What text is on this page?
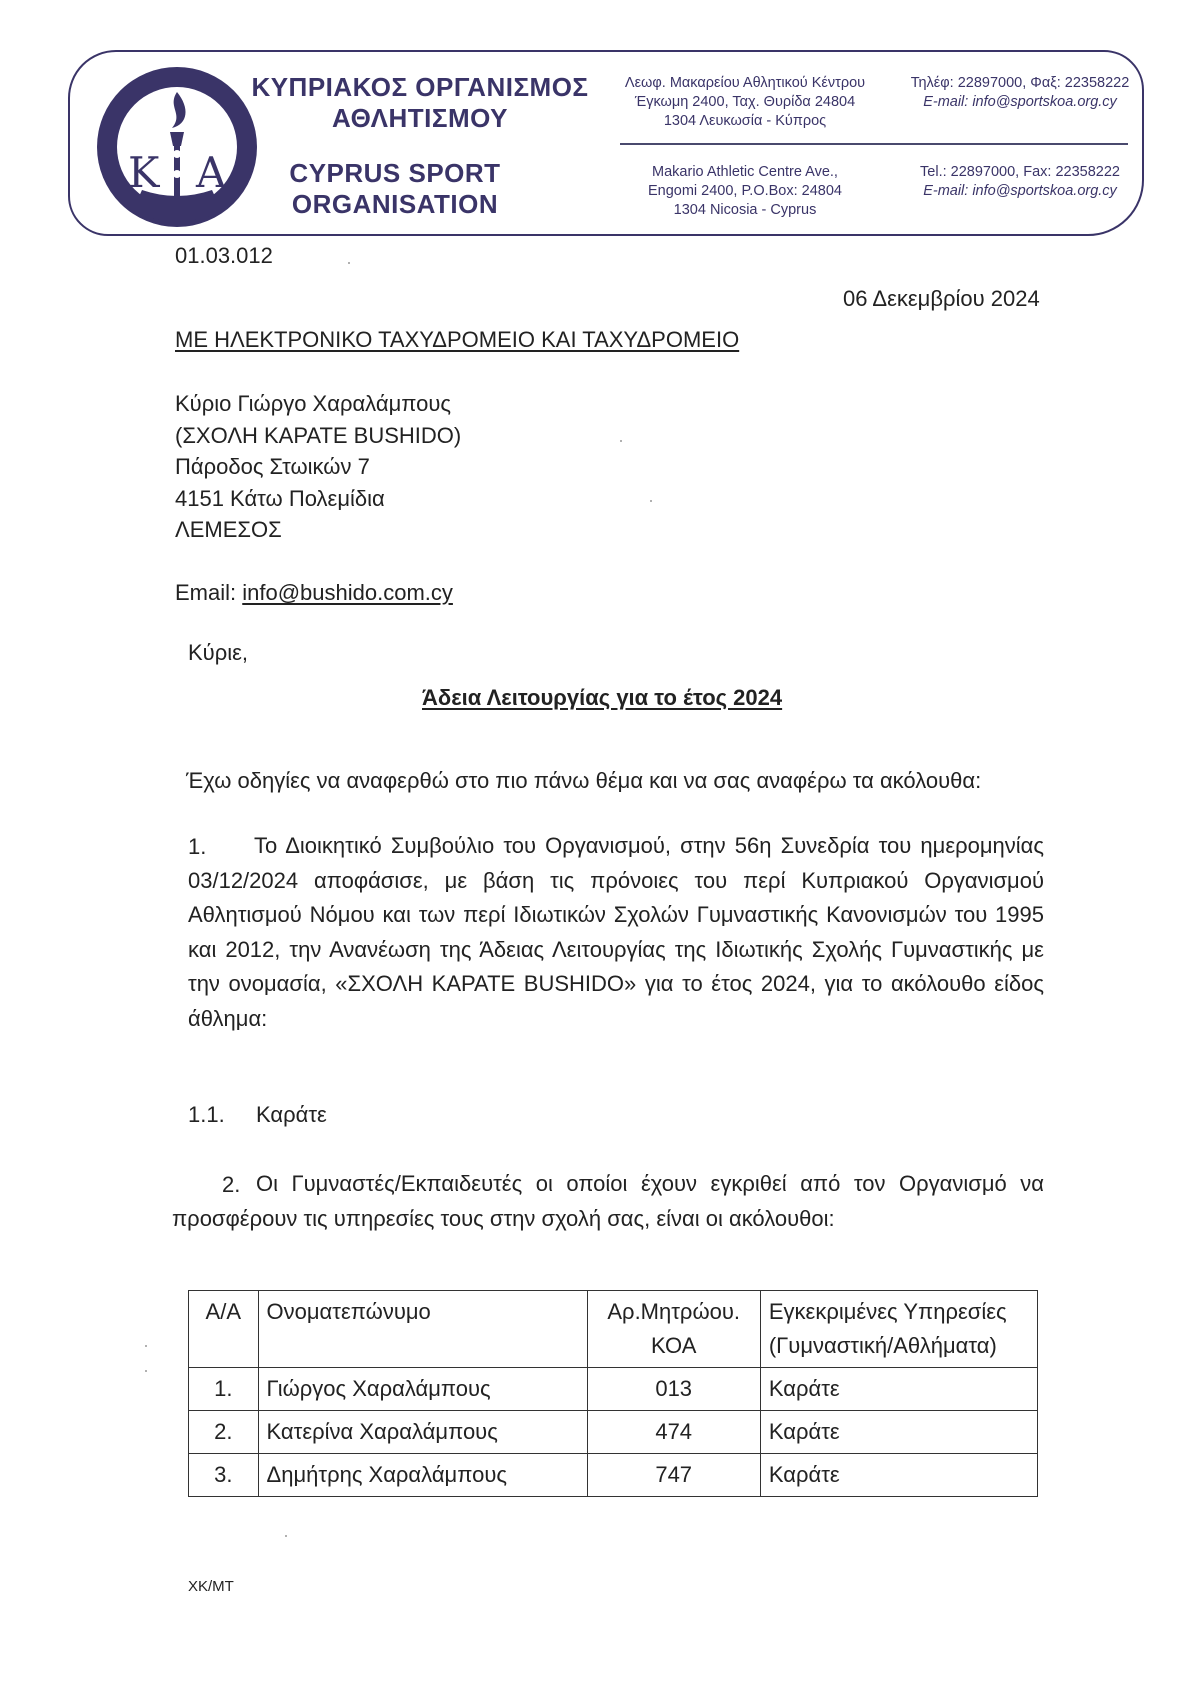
Κ Α
ΚΥΠΡΙΑΚΟΣ ΟΡΓΑΝΙΣΜΟΣ
ΑΘΛΗΤΙΣΜΟΥ
CYPRUS SPORT
ORGANISATION
Λεωφ. Μακαρείου Αθλητικού Κέντρου
Έγκωμη 2400, Ταχ. Θυρίδα 24804
1304 Λευκωσία - Κύπρος
Τηλέφ: 22897000, Φαξ: 22358222
E-mail: info@sportskoa.org.cy
Makario Athletic Centre Ave.,
Engomi 2400, P.O.Box: 24804
1304 Nicosia - Cyprus
Tel.: 22897000, Fax: 22358222
E-mail: info@sportskoa.org.cy
01.03.012
06 Δεκεμβρίου 2024
ΜΕ ΗΛΕΚΤΡΟΝΙΚΟ ΤΑΧΥΔΡΟΜΕΙΟ ΚΑΙ ΤΑΧΥΔΡΟΜΕΙΟ
Κύριο Γιώργο Χαραλάμπους
(ΣΧΟΛΗ ΚΑΡΑΤΕ BUSHIDO)
Πάροδος Στωικών 7
4151 Κάτω Πολεμίδια
ΛΕΜΕΣΟΣ
Email: info@bushido.com.cy
Κύριε,
Άδεια Λειτουργίας για το έτος 2024
Έχω οδηγίες να αναφερθώ στο πιο πάνω θέμα και να σας αναφέρω τα ακόλουθα:
1.	Το Διοικητικό Συμβούλιο του Οργανισμού, στην 56η Συνεδρία του ημερομηνίας 03/12/2024 αποφάσισε, με βάση τις πρόνοιες του περί Κυπριακού Οργανισμού Αθλητισμού Νόμου και των περί Ιδιωτικών Σχολών Γυμναστικής Κανονισμών του 1995 και 2012, την Ανανέωση της Άδειας Λειτουργίας της Ιδιωτικής Σχολής Γυμναστικής με την ονομασία, «ΣΧΟΛΗ ΚΑΡΑΤΕ BUSHIDO» για το έτος 2024, για το ακόλουθο είδος άθλημα:
1.1. Καράτε
2. Οι Γυμναστές/Εκπαιδευτές οι οποίοι έχουν εγκριθεί από τον Οργανισμό να προσφέρουν τις υπηρεσίες τους στην σχολή σας, είναι οι ακόλουθοι:
Α/Α	Ονοματεπώνυμο	Αρ.Μητρώου. ΚΟΑ	Εγκεκριμένες Υπηρεσίες (Γυμναστική/Αθλήματα)
1.	Γιώργος Χαραλάμπους	013	Καράτε
2.	Κατερίνα Χαραλάμπους	474	Καράτε
3.	Δημήτρης Χαραλάμπους	747	Καράτε
ΧΚ/ΜΤ
